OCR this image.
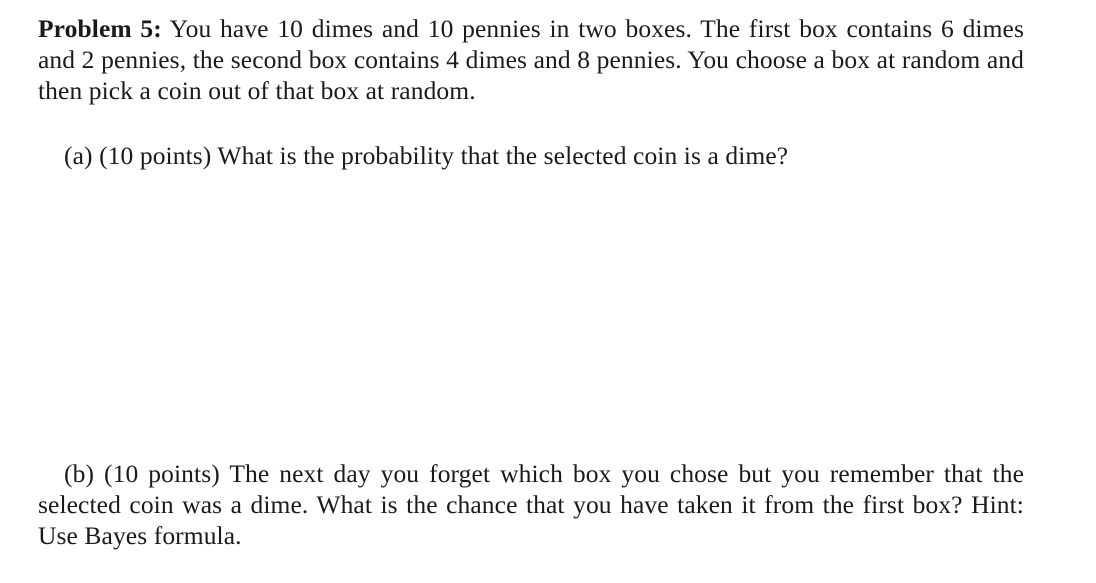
Problem 5: You have 10 dimes and 10 pennies in two boxes. The first box contains 6 dimes and 2 pennies, the second box contains 4 dimes and 8 pennies. You choose a box at random and then pick a coin out of that box at random.

(a) (10 points) What is the probability that the selected coin is a dime?

(b) (10 points) The next day you forget which box you chose but you remember that the selected coin was a dime. What is the chance that you have taken it from the first box? Hint: Use Bayes formula.
